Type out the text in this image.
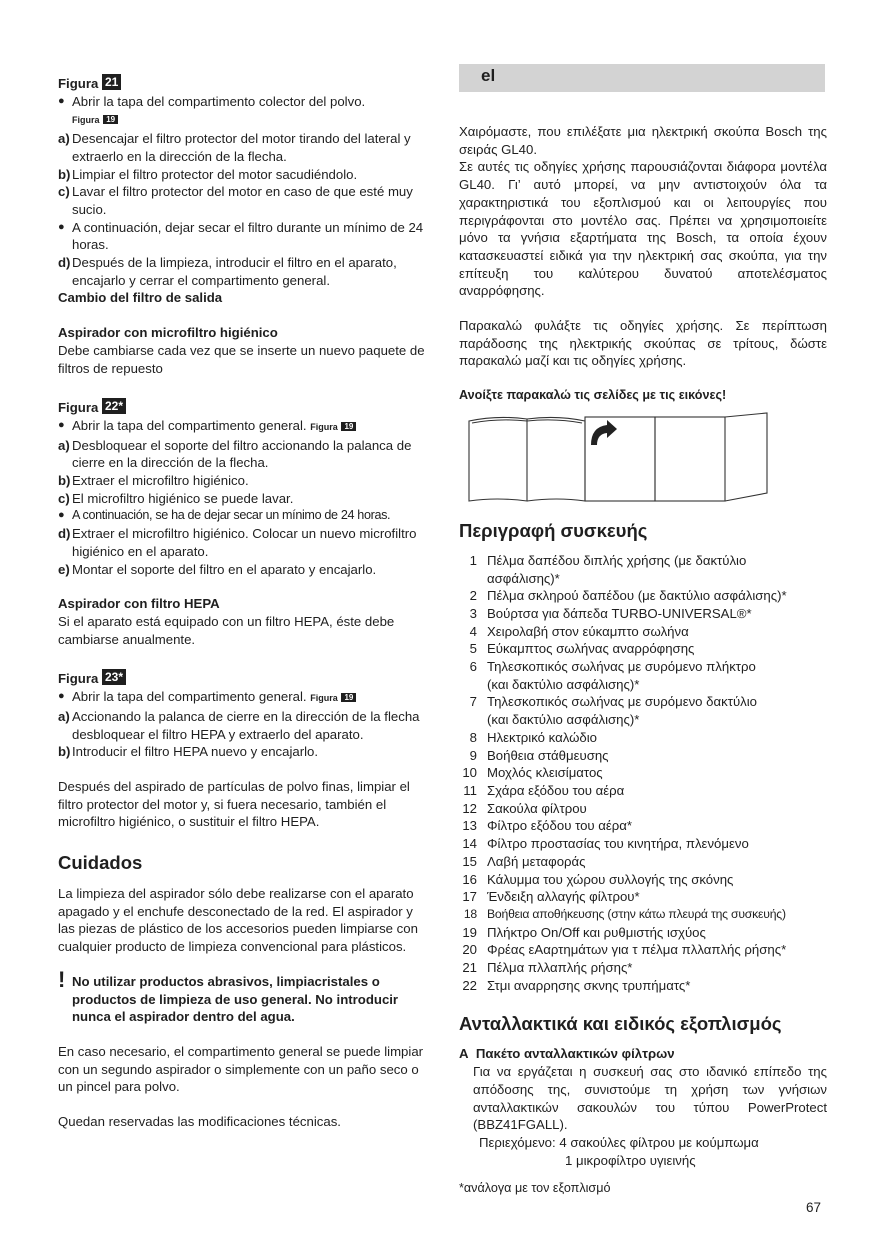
Figura 21

● Abrir la tapa del compartimento colector del polvo.

Figura 19

a) Desencajar el filtro protector del motor tirando del lateral y extraerlo en la dirección de la flecha.

b) Limpiar el filtro protector del motor sacudiéndolo.

c) Lavar el filtro protector del motor en caso de que esté muy sucio.

● A continuación, dejar secar el filtro durante un mínimo de 24 horas.

d) Después de la limpieza, introducir el filtro en el aparato, encajarlo y cerrar el compartimento general.

Cambio del filtro de salida

Aspirador con microfiltro higiénico

Debe cambiarse cada vez que se inserte un nuevo paquete de filtros de repuesto

Figura 22*

● Abrir la tapa del compartimento general. Figura 19

a) Desbloquear el soporte del filtro accionando la palanca de cierre en la dirección de la flecha.

b) Extraer el microfiltro higiénico.

c) El microfiltro higiénico se puede lavar.

● A continuación, se ha de dejar secar un mínimo de 24 horas.

d) Extraer el microfiltro higiénico. Colocar un nuevo microfiltro higiénico en el aparato.

e) Montar el soporte del filtro en el aparato y encajarlo.

Aspirador con filtro HEPA

Si el aparato está equipado con un filtro HEPA, éste debe cambiarse anualmente.

Figura 23*

● Abrir la tapa del compartimento general. Figura 19

a) Accionando la palanca de cierre en la dirección de la flecha desbloquear el filtro HEPA y extraerlo del aparato.

b) Introducir el filtro HEPA nuevo y encajarlo.

Después del aspirado de partículas de polvo finas, limpiar el filtro protector del motor y, si fuera necesario, también el microfiltro higiénico, o sustituir el filtro HEPA.

Cuidados

La limpieza del aspirador sólo debe realizarse con el aparato apagado y el enchufe desconectado de la red. El aspirador y las piezas de plástico de los accesorios pueden limpiarse con cualquier producto de limpieza convencional para plásticos.

! No utilizar productos abrasivos, limpiacristales o productos de limpieza de uso general. No introducir nunca el aspirador dentro del agua.

En caso necesario, el compartimento general se puede limpiar con un segundo aspirador o simplemente con un paño seco o un pincel para polvo.

Quedan reservadas las modificaciones técnicas.

el

Χαιρόμαστε, που επιλέξατε μια ηλεκτρική σκούπα Bosch της σειράς GL40.

Σε αυτές τις οδηγίες χρήσης παρουσιάζονται διάφορα μοντέλα GL40. Γι’ αυτό μπορεί, να μην αντιστοιχούν όλα τα χαρακτηριστικά του εξοπλισμού και οι λειτουργίες που περιγράφονται στο μοντέλο σας. Πρέπει να χρησιμοποιείτε μόνο τα γνήσια εξαρτήματα της Bosch, τα οποία έχουν κατασκευαστεί ειδικά για την ηλεκτρική σας σκούπα, για την επίτευξη του καλύτερου δυνατού αποτελέσματος αναρρόφησης.

Παρακαλώ φυλάξτε τις οδηγίες χρήσης. Σε περίπτωση παράδοσης της ηλεκτρικής σκούπας σε τρίτους, δώστε παρακαλώ μαζί και τις οδηγίες χρήσης.

Ανοίξτε παρακαλώ τις σελίδες με τις εικόνες!

Περιγραφή συσκευής

1 Πέλμα δαπέδου διπλής χρήσης (με δακτύλιο
ασφάλισης)*

2 Πέλμα σκληρού δαπέδου (με δακτύλιο ασφάλισης)*

3 Βούρτσα για δάπεδα TURBO-UNIVERSAL®*

4 Χειρολαβή στον εύκαμπτο σωλήνα

5 Εύκαμπτος σωλήνας αναρρόφησης

6 Τηλεσκοπικός σωλήνας με συρόμενο πλήκτρο
(και δακτύλιο ασφάλισης)*

7 Τηλεσκοπικός σωλήνας με συρόμενο δακτύλιο
(και δακτύλιο ασφάλισης)*

8 Ηλεκτρικό καλώδιο

9 Βοήθεια στάθμευσης

10 Μοχλός κλεισίματος

11 Σχάρα εξόδου του αέρα

12 Σακούλα φίλτρου

13 Φίλτρο εξόδου του αέρα*

14 Φίλτρο προστασίας του κινητήρα, πλενόμενο

15 Λαβή μεταφοράς

16 Κάλυμμα του χώρου συλλογής της σκόνης

17 Ένδειξη αλλαγής φίλτρου*

18 Βοήθεια αποθήκευσης (στην κάτω πλευρά της συσκευής)

19 Πλήκτρο On/Off και ρυθμιστής ισχύος

20 Φρέας εΑαρτημάτων για τ πέλμα πλλαπλής ρήσης*

21 Πέλμα πλλαπλής ρήσης*

22 Στμι αναρρησης σκνης τρυπήματς*

Ανταλλακτικά και ειδικός εξοπλισμός

A Πακέτο ανταλλακτικών φίλτρων

Για να εργάζεται η συσκευή σας στο ιδανικό επίπεδο της απόδοσης της, συνιστούμε τη χρήση των γνήσιων ανταλλακτικών σακουλών του τύπου PowerProtect (BBZ41FGALL).

Περιεχόμενο: 4 σακούλες φίλτρου με κούμπωμα

1 μικροφίλτρο υγιεινής

*ανάλογα με τον εξοπλισμό

67
